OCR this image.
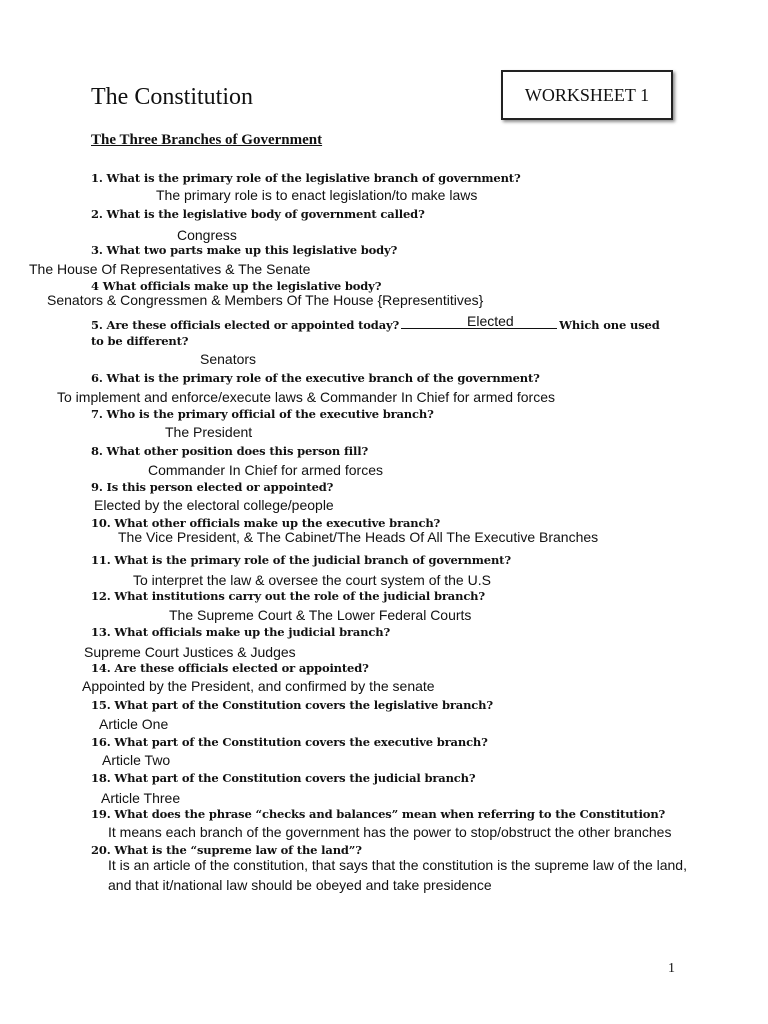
The Constitution	WORKSHEET 1
The Three Branches of Government
1. What is the primary role of the legislative branch of government?
The primary role is to enact legislation/to make laws
2. What is the legislative body of government called?
Congress
3. What two parts make up this legislative body?
The House Of Representatives & The Senate
4 What officials make up the legislative body?
Senators & Congressmen & Members Of The House {Representitives}
5. Are these officials elected or appointed today?	Which one used
Elected
to be different?
Senators
6. What is the primary role of the executive branch of the government?
To implement and enforce/execute laws & Commander In Chief for armed forces
7. Who is the primary official of the executive branch?
The President
8. What other position does this person fill?
Commander In Chief for armed forces
9. Is this person elected or appointed?
Elected by the electoral college/people
10. What other officials make up the executive branch?
The Vice President, & The Cabinet/The Heads Of All The Executive Branches
11. What is the primary role of the judicial branch of government?
To interpret the law & oversee the court system of the U.S
12. What institutions carry out the role of the judicial branch?
The Supreme Court & The Lower Federal Courts
13. What officials make up the judicial branch?
Supreme Court Justices & Judges
14. Are these officials elected or appointed?
Appointed by the President, and confirmed by the senate
15. What part of the Constitution covers the legislative branch?
Article One
16. What part of the Constitution covers the executive branch?
Article Two
18. What part of the Constitution covers the judicial branch?
Article Three
19. What does the phrase “checks and balances” mean when referring to the Constitution?
It means each branch of the government has the power to stop/obstruct the other branches
20. What is the “supreme law of the land”?
It is an article of the constitution, that says that the constitution is the supreme law of the land,
and that it/national law should be obeyed and take presidence
1
